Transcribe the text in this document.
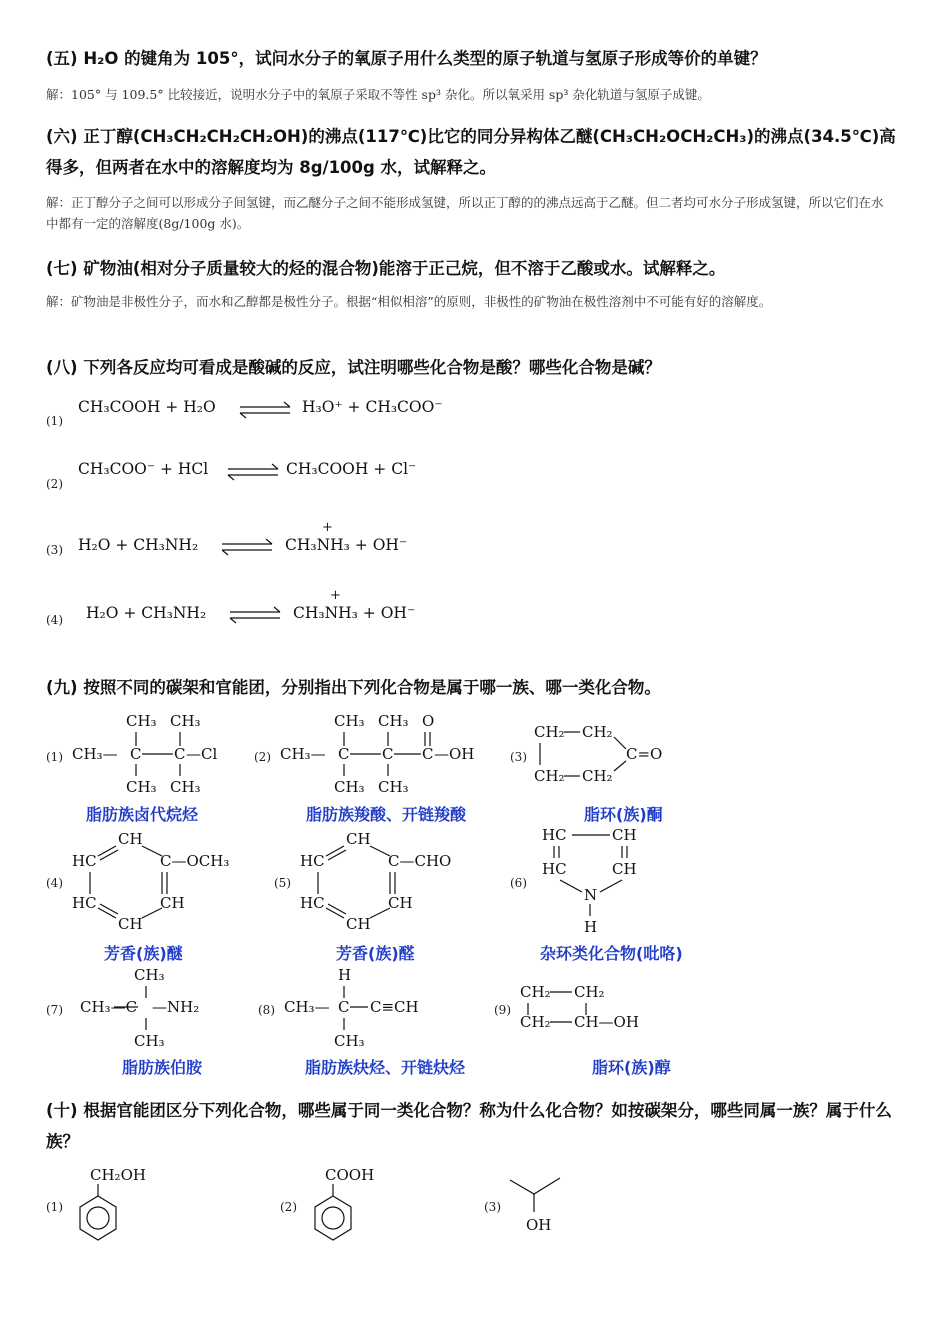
(五) H₂O 的键角为 105°，试问水分子的氧原子用什么类型的原子轨道与氢原子形成等价的单键？
解：105° 与 109.5° 比较接近，说明水分子中的氧原子采取不等性 sp³ 杂化。所以氧采用 sp³ 杂化轨道与氢原子成键。
(六) 正丁醇(CH₃CH₂CH₂CH₂OH)的沸点(117℃)比它的同分异构体乙醚(CH₃CH₂OCH₂CH₃)的沸点(34.5℃)高得多，但两者在水中的溶解度均为 8g/100g 水，试解释之。
解：正丁醇分子之间可以形成分子间氢键，而乙醚分子之间不能形成氢键，所以正丁醇的的沸点远高于乙醚。但二者均可水分子形成氢键，所以它们在水中都有一定的溶解度(8g/100g 水)。
(七) 矿物油(相对分子质量较大的烃的混合物)能溶于正己烷，但不溶于乙酸或水。试解释之。
解：矿物油是非极性分子，而水和乙醇都是极性分子。根据“相似相溶”的原则，非极性的矿物油在极性溶剂中不可能有好的溶解度。
(八) 下列各反应均可看成是酸碱的反应，试注明哪些化合物是酸？哪些化合物是碱？
(1)
CH₃COOH + H₂O ⇌ H₃O⁺ + CH₃COO⁻
(2)
CH₃COO⁻ + HCl ⇌ CH₃COOH + Cl⁻
(3) H₂O + CH₃NH₂ ⇌
+
CH₃NH₃ + OH⁻
(4) H₂O + CH₃NH₂ ⇌
+
CH₃NH₃ + OH⁻
(九) 按照不同的碳架和官能团，分别指出下列化合物是属于哪一族、哪一类化合物。
(1)
CH₃ CH₃
CH₃— C C —Cl
CH₃ CH₃
脂肪族卤代烷烃
(2)
CH₃ CH₃ O
CH₃— C C C —OH
CH₃ CH₃
脂肪族羧酸、开链羧酸
(3)
CH₂ CH₂
C=O
CH₂ CH₂
脂环(族)酮
(4)
CH
HC	C—OCH₃
HC	CH
CH
芳香(族)醚
(5)
CH
HC	C—CHO
HC	CH
CH
芳香(族)醛
(6)
HC	CH
HC	CH
N
H
杂环类化合物(吡咯)
(7)
CH₃
CH₃—C —NH₂
CH₃
脂肪族伯胺
(8)
H
CH₃— C C≡CH
CH₃
脂肪族炔烃、开链炔烃
(9)
CH₂ CH₂
CH₂ CH—OH
脂环(族)醇
(十) 根据官能团区分下列化合物，哪些属于同一类化合物？称为什么化合物？如按碳架分，哪些同属一族？属于什么族？
(1)
CH₂OH
(2)
COOH
(3)
OH
